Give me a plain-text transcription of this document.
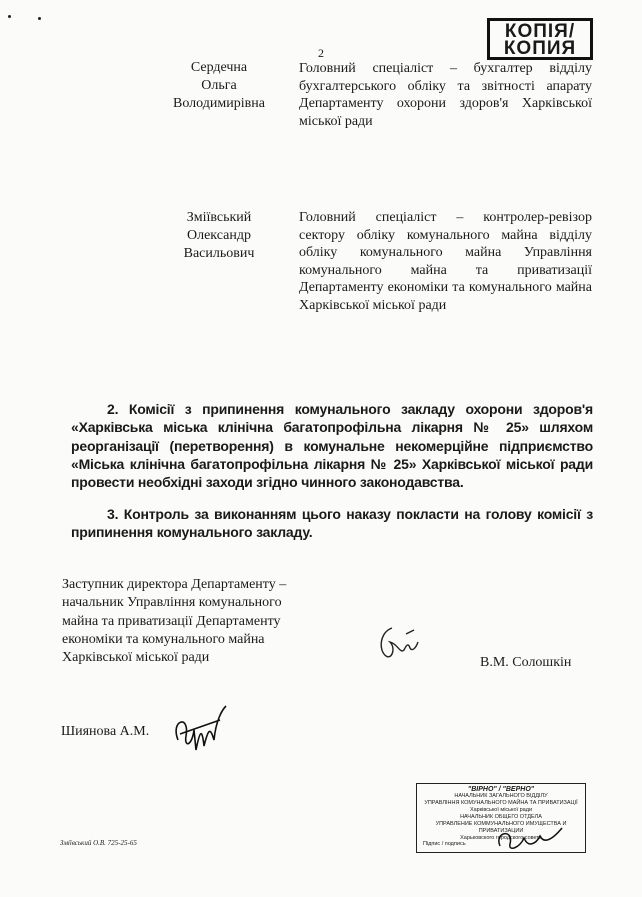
2
КОПІЯ/
КОПИЯ
Сердечна
Ольга
Володимирівна
Головний спеціаліст – бухгалтер відділу бухгалтерського обліку та звітності апарату Департаменту охорони здоров'я Харківської міської ради
Зміївський
Олександр
Васильович
Головний спеціаліст – контролер-ревізор сектору обліку комунального майна відділу обліку комунального майна Управління комунального майна та приватизації Департаменту економіки та комунального майна Харківської міської ради
2. Комісії з припинення комунального закладу охорони здоров'я «Харківська міська клінічна багатопрофільна лікарня № 25» шляхом реорганізації (перетворення) в комунальне некомерційне підприємство «Міська клінічна багатопрофільна лікарня № 25» Харківської міської ради провести необхідні заходи згідно чинного законодавства.
3. Контроль за виконанням цього наказу покласти на голову комісії з припинення комунального закладу.
Заступник директора Департаменту –
начальник Управління комунального
майна та приватизації Департаменту
економіки та комунального майна
Харківської міської ради	В.М. Солошкін
Шиянова А.М.
"ВІРНО" / "ВЕРНО"
НАЧАЛЬНИК ЗАГАЛЬНОГО ВІДДІЛУ
УПРАВЛІННЯ КОМУНАЛЬНОГО МАЙНА ТА ПРИВАТИЗАЦІЇ
Харківської міської ради
НАЧАЛЬНИК ОБЩЕГО ОТДЕЛА
УПРАВЛЕНИЕ КОММУНАЛЬНОГО ИМУЩЕСТВА И ПРИВАТИЗАЦИИ
Харьковского городского совета
Підпис / подпись
Зміївський О.В. 725-25-65
